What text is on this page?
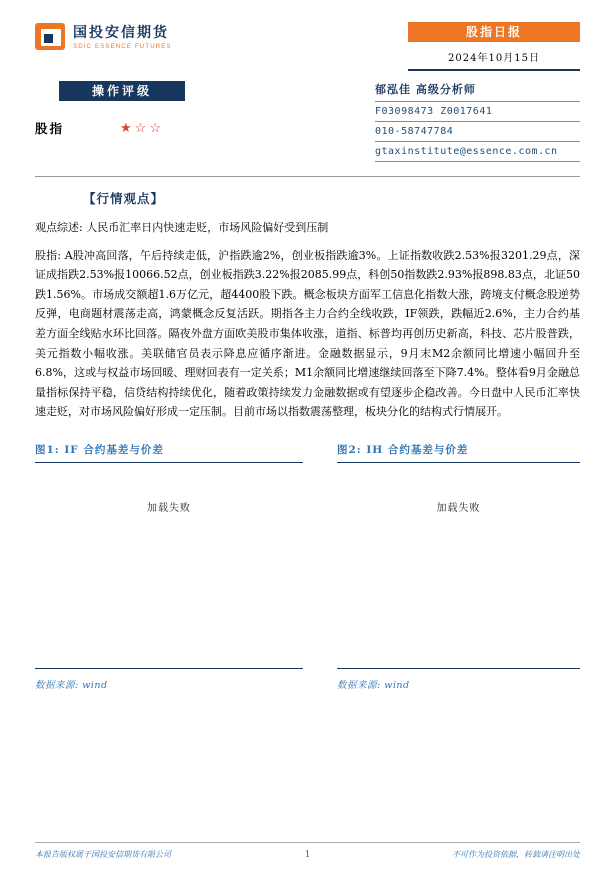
国投安信期货
SDIC ESSENCE FUTURES
股指日报
2024年10月15日
操作评级
股指	★☆☆
郁泓佳 高级分析师
F03098473 Z0017641
010-58747784
gtaxinstitute@essence.com.cn
【行情观点】
观点综述: 人民币汇率日内快速走贬，市场风险偏好受到压制
股指: A股冲高回落，午后持续走低，沪指跌逾2%，创业板指跌逾3%。上证指数收跌2.53%报3201.29点，深证成指跌2.53%报10066.52点，创业板指跌3.22%报2085.99点，科创50指数跌2.93%报898.83点，北证50跌1.56%。市场成交额超1.6万亿元，超4400股下跌。概念板块方面军工信息化指数大涨，跨境支付概念股逆势反弹，电商题材震荡走高，鸿蒙概念反复活跃。期指各主力合约全线收跌，IF领跌，跌幅近2.6%，主力合约基差方面全线贴水环比回落。隔夜外盘方面欧美股市集体收涨，道指、标普均再创历史新高，科技、芯片股普跌，美元指数小幅收涨。美联储官员表示降息应循序渐进。金融数据显示，9月末M2余额同比增速小幅回升至6.8%，这或与权益市场回暖、理财回表有一定关系；M1余额同比增速继续回落至下降7.4%。整体看9月金融总量指标保持平稳，信贷结构持续优化，随着政策持续发力金融数据或有望逐步企稳改善。今日盘中人民币汇率快速走贬，对市场风险偏好形成一定压制。目前市场以指数震荡整理，板块分化的结构式行情展开。
图1: IF 合约基差与价差
加载失败
数据来源: wind
图2: IH 合约基差与价差
加载失败
数据来源: wind
本报告版权属于国投安信期货有限公司	1	不可作为投资依据，转载请注明出处
